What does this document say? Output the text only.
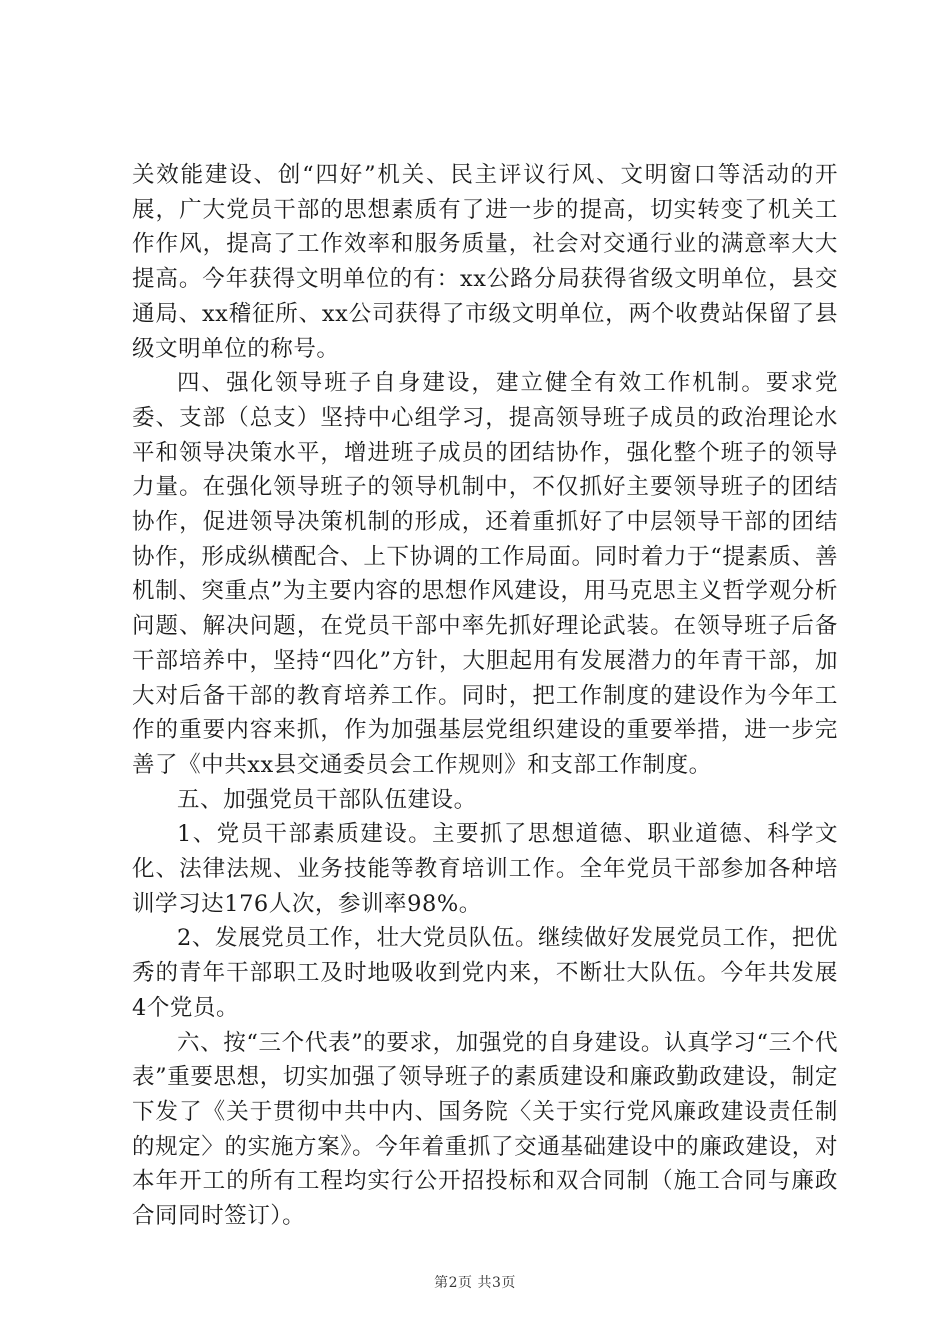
关效能建设、创“四好”机关、民主评议行风、文明窗口等活动的开展，广大党员干部的思想素质有了进一步的提高，切实转变了机关工作作风，提高了工作效率和服务质量，社会对交通行业的满意率大大提高。今年获得文明单位的有：xx公路分局获得省级文明单位，县交通局、xx稽征所、xx公司获得了市级文明单位，两个收费站保留了县级文明单位的称号。

四、强化领导班子自身建设，建立健全有效工作机制。要求党委、支部（总支）坚持中心组学习，提高领导班子成员的政治理论水平和领导决策水平，增进班子成员的团结协作，强化整个班子的领导力量。在强化领导班子的领导机制中，不仅抓好主要领导班子的团结协作，促进领导决策机制的形成，还着重抓好了中层领导干部的团结协作，形成纵横配合、上下协调的工作局面。同时着力于“提素质、善机制、突重点”为主要内容的思想作风建设，用马克思主义哲学观分析问题、解决问题，在党员干部中率先抓好理论武装。在领导班子后备干部培养中，坚持“四化”方针，大胆起用有发展潜力的年青干部，加大对后备干部的教育培养工作。同时，把工作制度的建设作为今年工作的重要内容来抓，作为加强基层党组织建设的重要举措，进一步完善了《中共xx县交通委员会工作规则》和支部工作制度。

五、加强党员干部队伍建设。

1、党员干部素质建设。主要抓了思想道德、职业道德、科学文化、法律法规、业务技能等教育培训工作。全年党员干部参加各种培训学习达176人次，参训率98%。

2、发展党员工作，壮大党员队伍。继续做好发展党员工作，把优秀的青年干部职工及时地吸收到党内来，不断壮大队伍。今年共发展4个党员。

六、按“三个代表”的要求，加强党的自身建设。认真学习“三个代表”重要思想，切实加强了领导班子的素质建设和廉政勤政建设，制定下发了《关于贯彻中共中内、国务院〈关于实行党风廉政建设责任制的规定〉的实施方案》。今年着重抓了交通基础建设中的廉政建设，对本年开工的所有工程均实行公开招投标和双合同制（施工合同与廉政合同同时签订）。

第2页 共3页
